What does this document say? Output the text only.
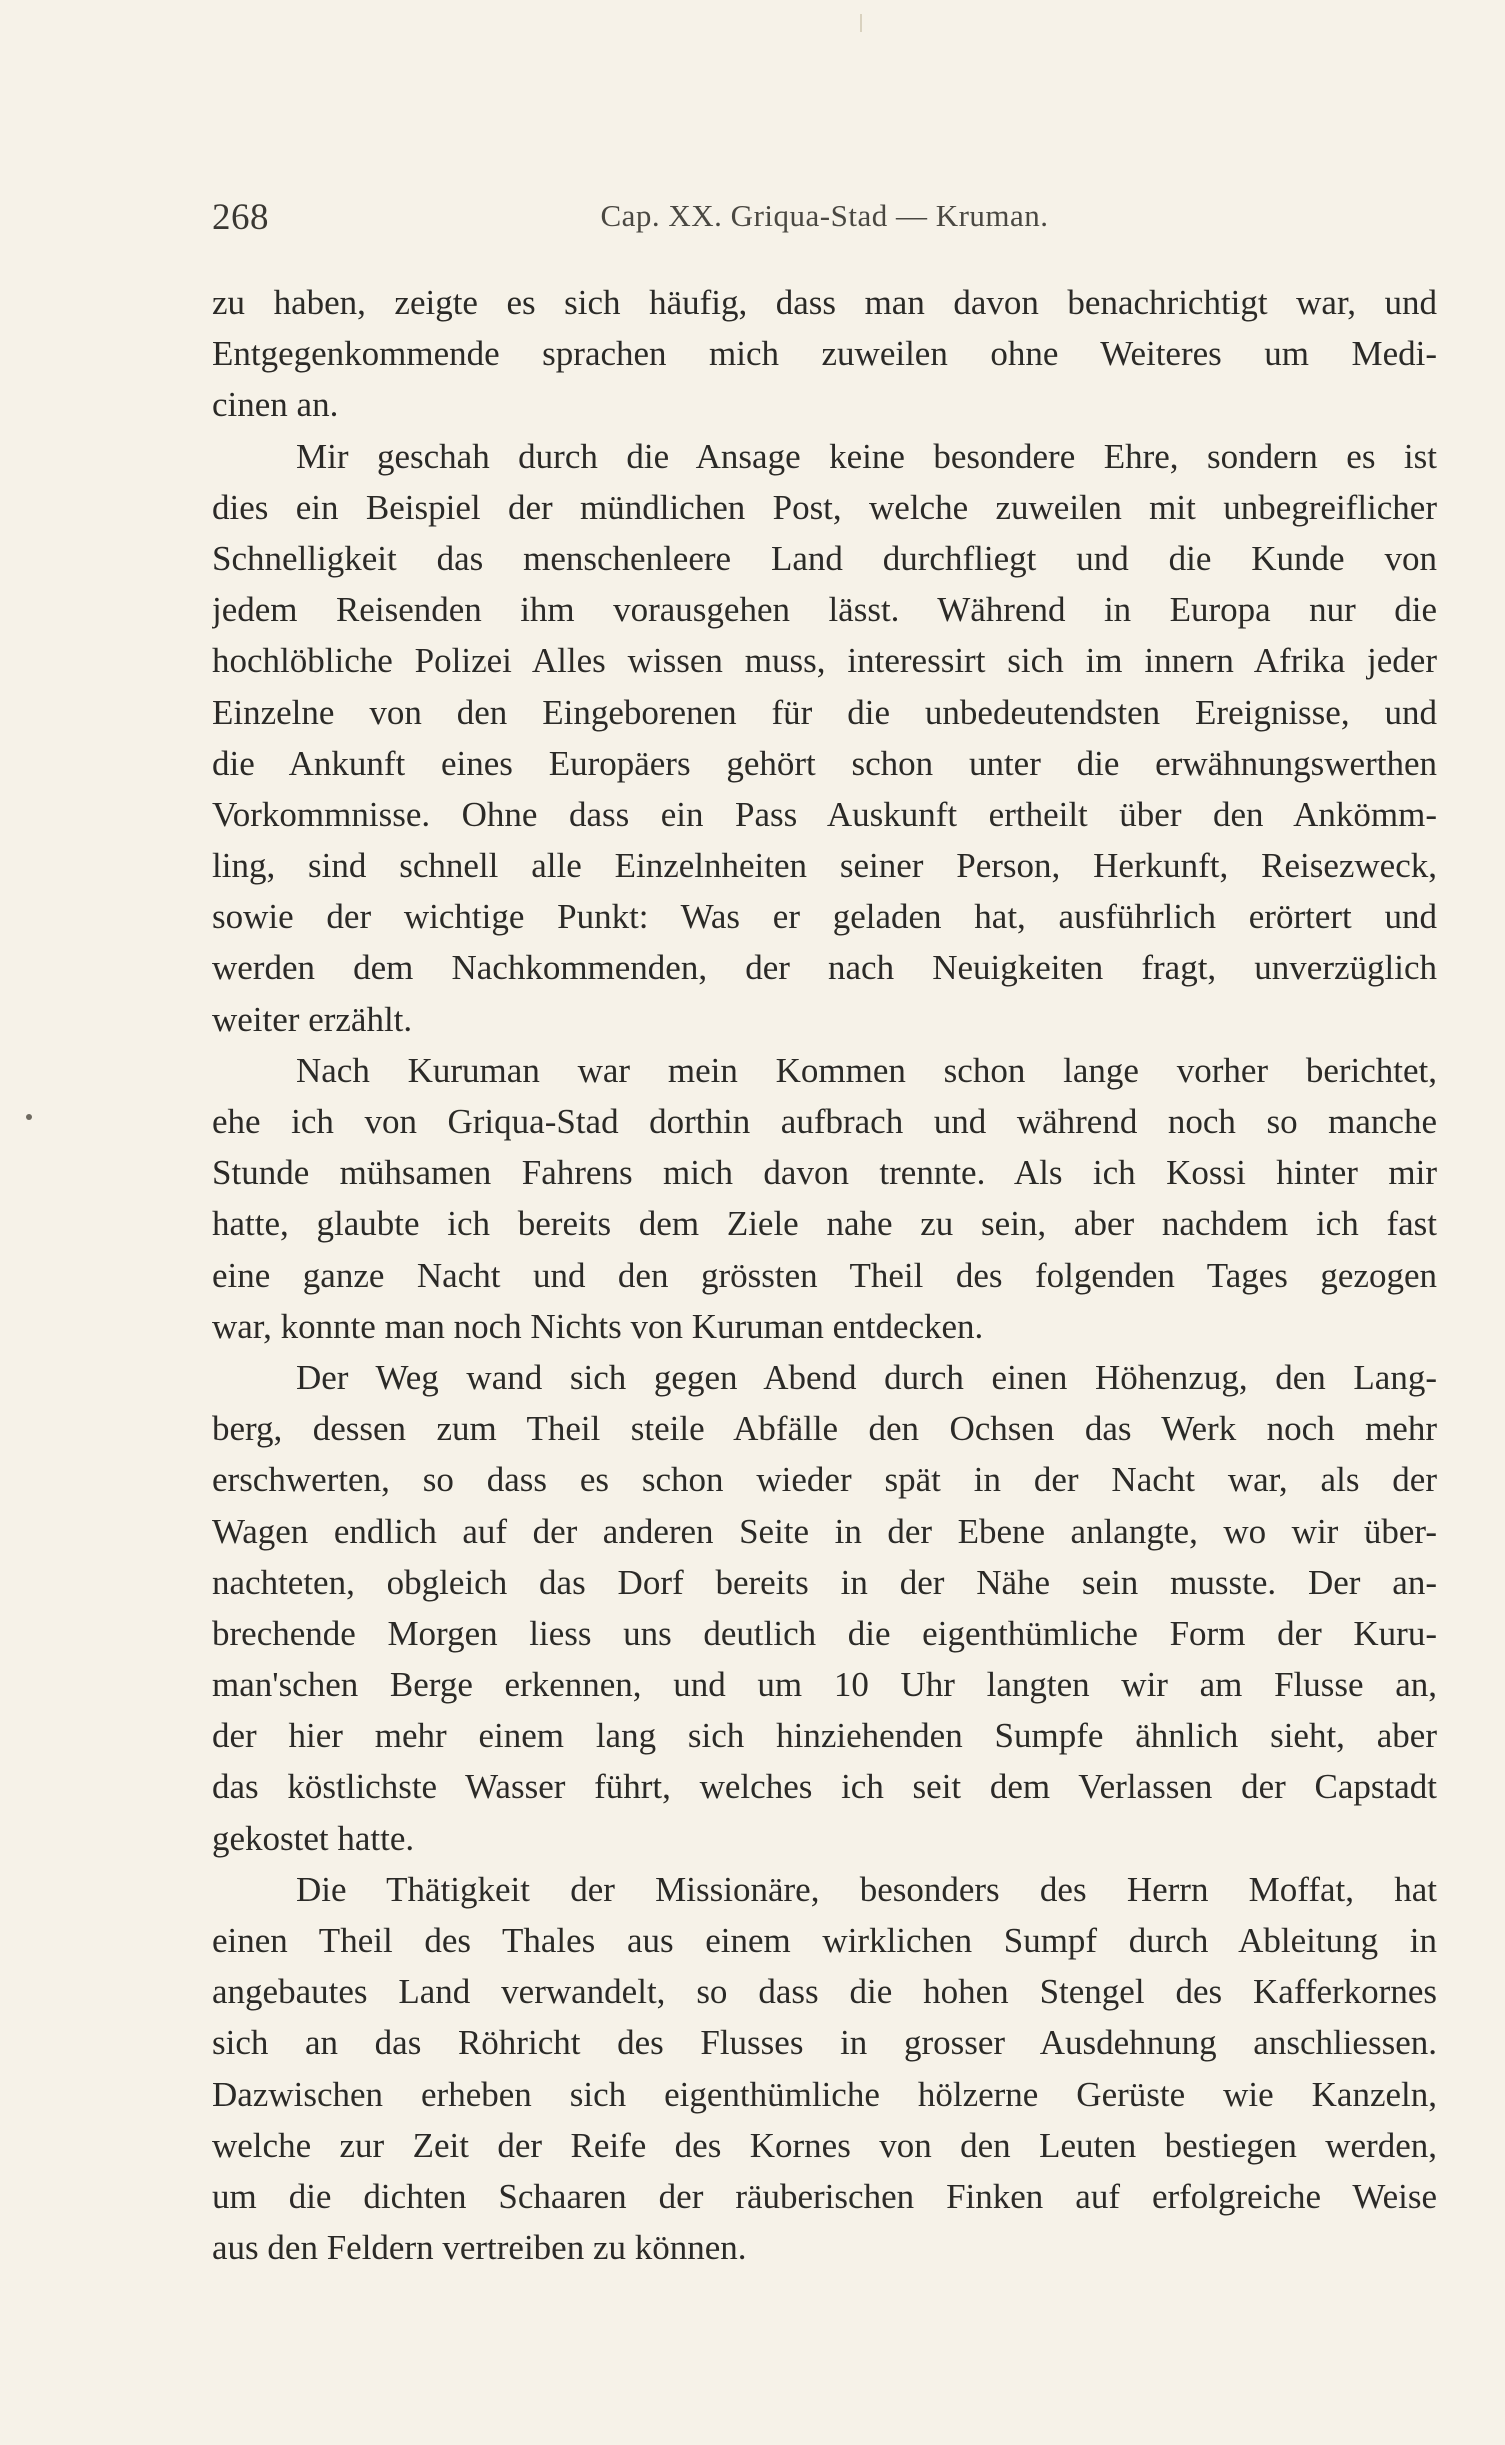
268	Cap. XX. Griqua-Stad — Kruman.
zu haben, zeigte es sich häufig, dass man davon benachrichtigt war, und
Entgegenkommende sprachen mich zuweilen ohne Weiteres um Medi-
cinen an.
Mir geschah durch die Ansage keine besondere Ehre, sondern es ist
dies ein Beispiel der mündlichen Post, welche zuweilen mit unbegreiflicher
Schnelligkeit das menschenleere Land durchfliegt und die Kunde von
jedem Reisenden ihm vorausgehen lässt. Während in Europa nur die
hochlöbliche Polizei Alles wissen muss, interessirt sich im innern Afrika jeder
Einzelne von den Eingeborenen für die unbedeutendsten Ereignisse, und
die Ankunft eines Europäers gehört schon unter die erwähnungswerthen
Vorkommnisse. Ohne dass ein Pass Auskunft ertheilt über den Ankömm-
ling, sind schnell alle Einzelnheiten seiner Person, Herkunft, Reisezweck,
sowie der wichtige Punkt: Was er geladen hat, ausführlich erörtert und
werden dem Nachkommenden, der nach Neuigkeiten fragt, unverzüglich
weiter erzählt.
Nach Kuruman war mein Kommen schon lange vorher berichtet,
ehe ich von Griqua-Stad dorthin aufbrach und während noch so manche
Stunde mühsamen Fahrens mich davon trennte. Als ich Kossi hinter mir
hatte, glaubte ich bereits dem Ziele nahe zu sein, aber nachdem ich fast
eine ganze Nacht und den grössten Theil des folgenden Tages gezogen
war, konnte man noch Nichts von Kuruman entdecken.
Der Weg wand sich gegen Abend durch einen Höhenzug, den Lang-
berg, dessen zum Theil steile Abfälle den Ochsen das Werk noch mehr
erschwerten, so dass es schon wieder spät in der Nacht war, als der
Wagen endlich auf der anderen Seite in der Ebene anlangte, wo wir über-
nachteten, obgleich das Dorf bereits in der Nähe sein musste. Der an-
brechende Morgen liess uns deutlich die eigenthümliche Form der Kuru-
man'schen Berge erkennen, und um 10 Uhr langten wir am Flusse an,
der hier mehr einem lang sich hinziehenden Sumpfe ähnlich sieht, aber
das köstlichste Wasser führt, welches ich seit dem Verlassen der Capstadt
gekostet hatte.
Die Thätigkeit der Missionäre, besonders des Herrn Moffat, hat
einen Theil des Thales aus einem wirklichen Sumpf durch Ableitung in
angebautes Land verwandelt, so dass die hohen Stengel des Kafferkornes
sich an das Röhricht des Flusses in grosser Ausdehnung anschliessen.
Dazwischen erheben sich eigenthümliche hölzerne Gerüste wie Kanzeln,
welche zur Zeit der Reife des Kornes von den Leuten bestiegen werden,
um die dichten Schaaren der räuberischen Finken auf erfolgreiche Weise
aus den Feldern vertreiben zu können.
